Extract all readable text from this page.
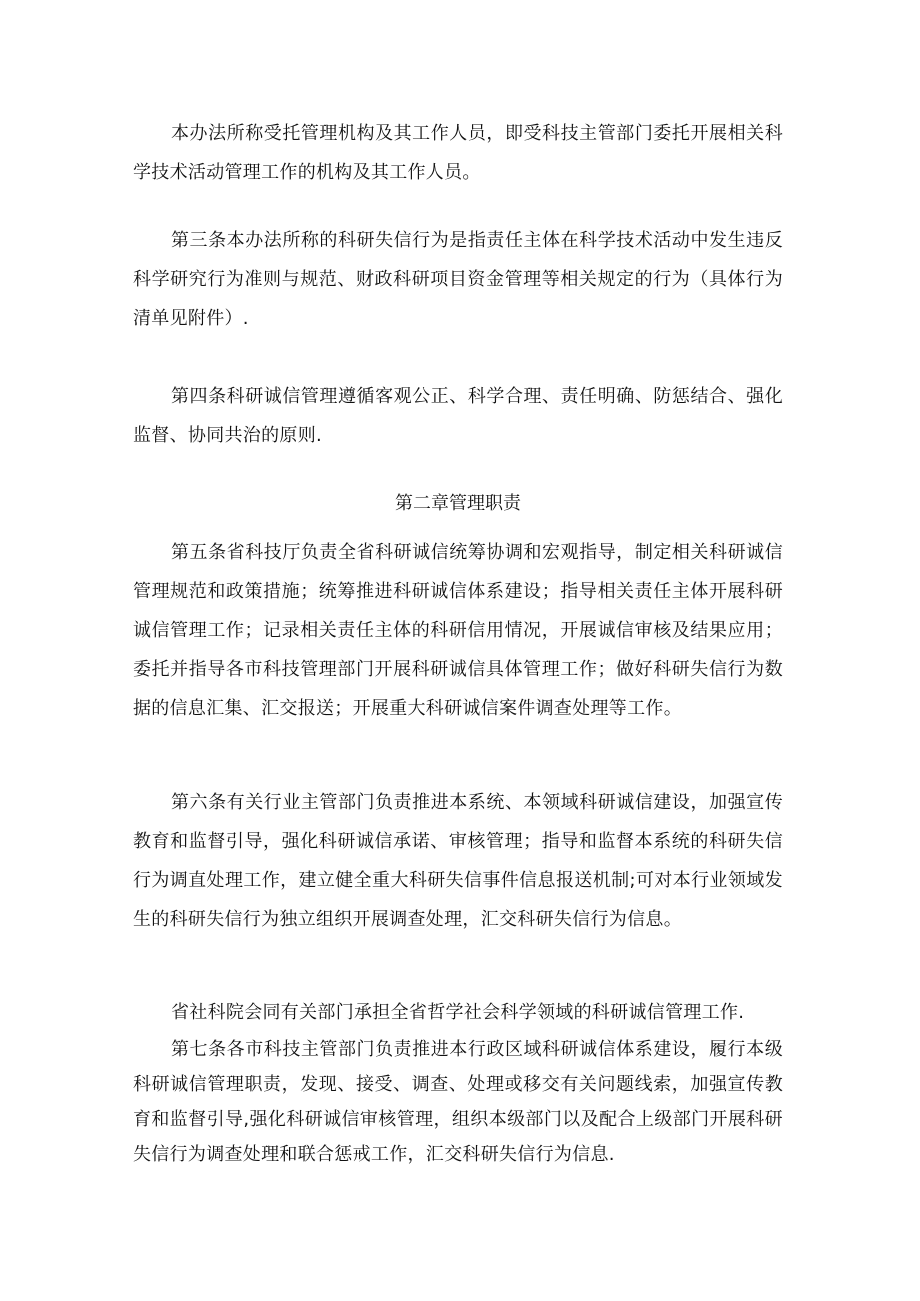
本办法所称受托管理机构及其工作人员，即受科技主管部门委托开展相关科学技术活动管理工作的机构及其工作人员。

第三条本办法所称的科研失信行为是指责任主体在科学技术活动中发生违反科学研究行为准则与规范、财政科研项目资金管理等相关规定的行为（具体行为清单见附件）.

第四条科研诚信管理遵循客观公正、科学合理、责任明确、防惩结合、强化监督、协同共治的原则.

第二章管理职责

第五条省科技厅负责全省科研诚信统筹协调和宏观指导，制定相关科研诚信管理规范和政策措施；统筹推进科研诚信体系建设；指导相关责任主体开展科研诚信管理工作；记录相关责任主体的科研信用情况，开展诚信审核及结果应用；委托并指导各市科技管理部门开展科研诚信具体管理工作；做好科研失信行为数据的信息汇集、汇交报送；开展重大科研诚信案件调查处理等工作。

第六条有关行业主管部门负责推进本系统、本领域科研诚信建设，加强宣传教育和监督引导，强化科研诚信承诺、审核管理；指导和监督本系统的科研失信行为调直处理工作，建立健全重大科研失信事件信息报送机制;可对本行业领域发生的科研失信行为独立组织开展调查处理，汇交科研失信行为信息。

省社科院会同有关部门承担全省哲学社会科学领域的科研诚信管理工作.

第七条各市科技主管部门负责推进本行政区域科研诚信体系建设，履行本级科研诚信管理职责，发现、接受、调查、处理或移交有关问题线索，加强宣传教育和监督引导,强化科研诚信审核管理，组织本级部门以及配合上级部门开展科研失信行为调查处理和联合惩戒工作，汇交科研失信行为信息.
